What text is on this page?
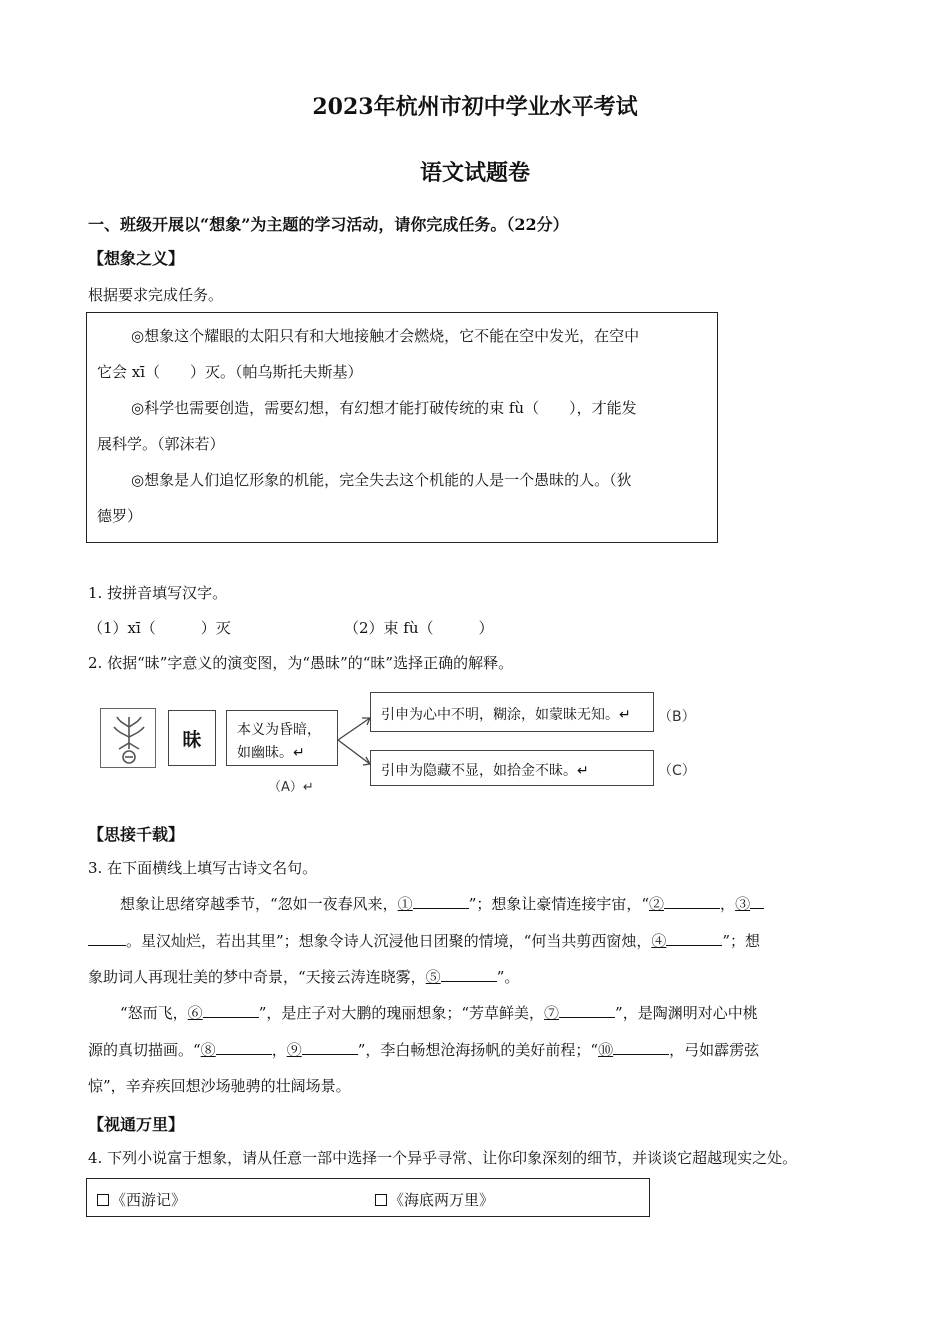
2023年杭州市初中学业水平考试
语文试题卷
一、班级开展以“想象”为主题的学习活动，请你完成任务。（22分）
【想象之义】
根据要求完成任务。
◎想象这个耀眼的太阳只有和大地接触才会燃烧，它不能在空中发光，在空中
它会 xī（　　）灭。（帕乌斯托夫斯基）
◎科学也需要创造，需要幻想，有幻想才能打破传统的束 fù（　　），才能发
展科学。（郭沫若）
◎想象是人们追忆形象的机能，完全失去这个机能的人是一个愚昧的人。（狄
德罗）
1. 按拼音填写汉字。
（1）xī（　　　）灭	（2）束 fù（　　　）
2. 依据“昧”字意义的演变图，为“愚昧”的“昧”选择正确的解释。
昧	本义为昏暗，
如幽昧。↵
（A）↵
引申为心中不明，糊涂，如蒙昧无知。↵ （B）
引申为隐藏不显，如拾金不昧。↵	（C）
【思接千载】
3. 在下面横线上填写古诗文名句。
想象让思绪穿越季节，“忽如一夜春风来，①	”；想象让豪情连接宇宙，“②	，③
。星汉灿烂，若出其里”；想象令诗人沉浸他日团聚的情境，“何当共剪西窗烛，④	”；想
象助词人再现壮美的梦中奇景，“天接云涛连晓雾，⑤	”。
“怒而飞，⑥	”，是庄子对大鹏的瑰丽想象；“芳草鲜美，⑦	”，是陶渊明对心中桃
源的真切描画。“⑧	，⑨	”，李白畅想沧海扬帆的美好前程；“⑩	，弓如霹雳弦
惊”，辛弃疾回想沙场驰骋的壮阔场景。
【视通万里】
4. 下列小说富于想象，请从任意一部中选择一个异乎寻常、让你印象深刻的细节，并谈谈它超越现实之处。
《西游记》	《海底两万里》
